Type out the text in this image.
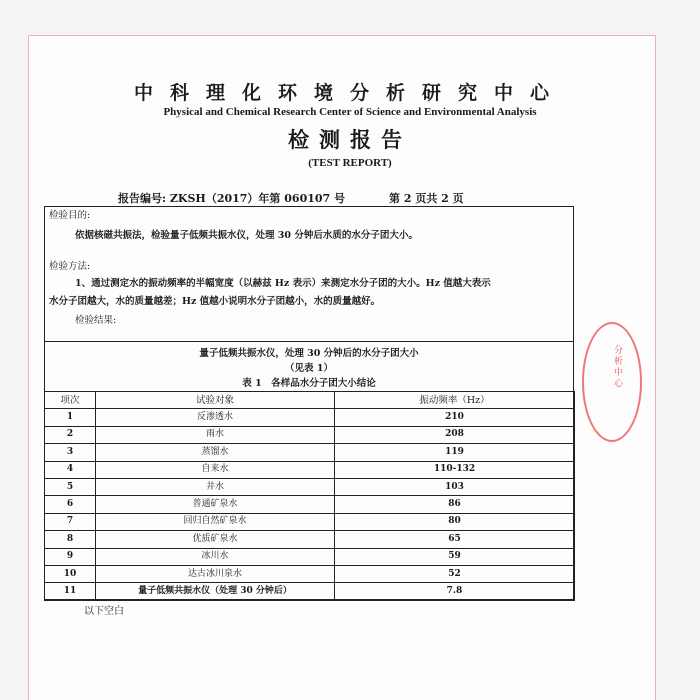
中科理化环境分析研究中心
Physical and Chemical Research Center of Science and Environmental Analysis
检测报告
(TEST REPORT)
报告编号: ZKSH（2017）年第 060107 号	第 2 页共 2 页
检验目的:
依据核磁共振法，检验量子低频共振水仪，处理 30 分钟后水质的水分子团大小。
检验方法:
1、通过测定水的振动频率的半幅宽度（以赫兹 Hz 表示）来测定水分子团的大小。Hz 值越大表示
水分子团越大，水的质量越差；Hz 值越小说明水分子团越小，水的质量越好。
检验结果:
量子低频共振水仪，处理 30 分钟后的水分子团大小
（见表 1）
表 1　各样品水分子团大小结论
项次	试验对象	振动频率（Hz）
1	反渗透水	210
2	雨水	208
3	蒸馏水	119
4	自来水	110-132
5	井水	103
6	普通矿泉水	86
7	回归自然矿泉水	80
8	优质矿泉水	65
9	冰川水	59
10	达古冰川泉水	52
11	量子低频共振水仪（处理 30 分钟后）	7.8
以下空白
分析中心
